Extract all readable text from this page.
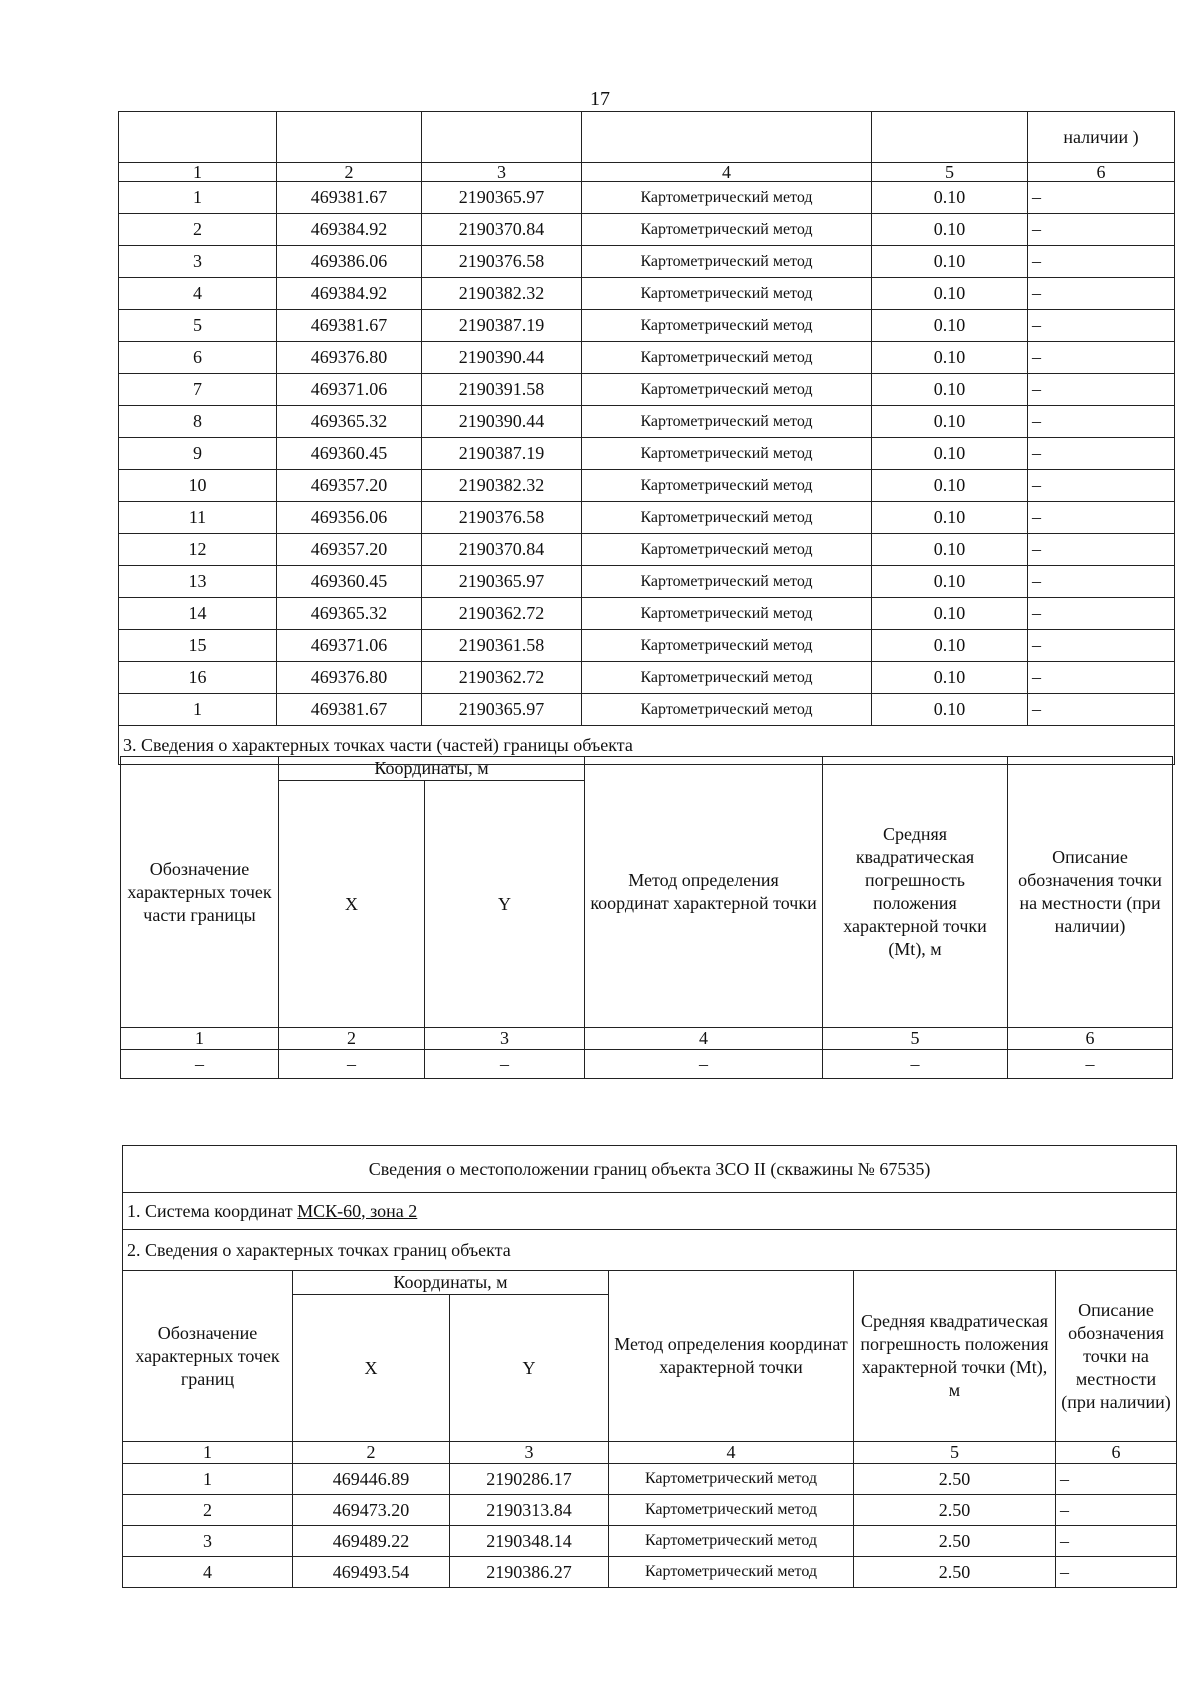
17
					наличии )
1	2	3	4	5	6
1	469381.67	2190365.97	Картометрический метод	0.10	–
2	469384.92	2190370.84	Картометрический метод	0.10	–
3	469386.06	2190376.58	Картометрический метод	0.10	–
4	469384.92	2190382.32	Картометрический метод	0.10	–
5	469381.67	2190387.19	Картометрический метод	0.10	–
6	469376.80	2190390.44	Картометрический метод	0.10	–
7	469371.06	2190391.58	Картометрический метод	0.10	–
8	469365.32	2190390.44	Картометрический метод	0.10	–
9	469360.45	2190387.19	Картометрический метод	0.10	–
10	469357.20	2190382.32	Картометрический метод	0.10	–
11	469356.06	2190376.58	Картометрический метод	0.10	–
12	469357.20	2190370.84	Картометрический метод	0.10	–
13	469360.45	2190365.97	Картометрический метод	0.10	–
14	469365.32	2190362.72	Картометрический метод	0.10	–
15	469371.06	2190361.58	Картометрический метод	0.10	–
16	469376.80	2190362.72	Картометрический метод	0.10	–
1	469381.67	2190365.97	Картометрический метод	0.10	–
3. Сведения о характерных точках части (частей) границы объекта					
Обозначение характерных точек части границы	Координаты, м		Метод определения координат характерной точки	Средняя квадратическая погрешность положения характерной точки (Mt), м	Описание обозначения точки на местности (при наличии)
	X	Y			
1	2	3	4	5	6
–	–	–	–	–	–
Сведения о местоположении границ объекта ЗСО II (скважины № 67535)					
1. Система координат МСК-60, зона 2					
2. Сведения о характерных точках границ объекта					
Обозначение характерных точек границ	Координаты, м		Метод определения координат характерной точки	Средняя квадратическая погрешность положения характерной точки (Mt), м	Описание обозначения точки на местности (при наличии)
	X	Y			
1	2	3	4	5	6
1	469446.89	2190286.17	Картометрический метод	2.50	–
2	469473.20	2190313.84	Картометрический метод	2.50	–
3	469489.22	2190348.14	Картометрический метод	2.50	–
4	469493.54	2190386.27	Картометрический метод	2.50	–
